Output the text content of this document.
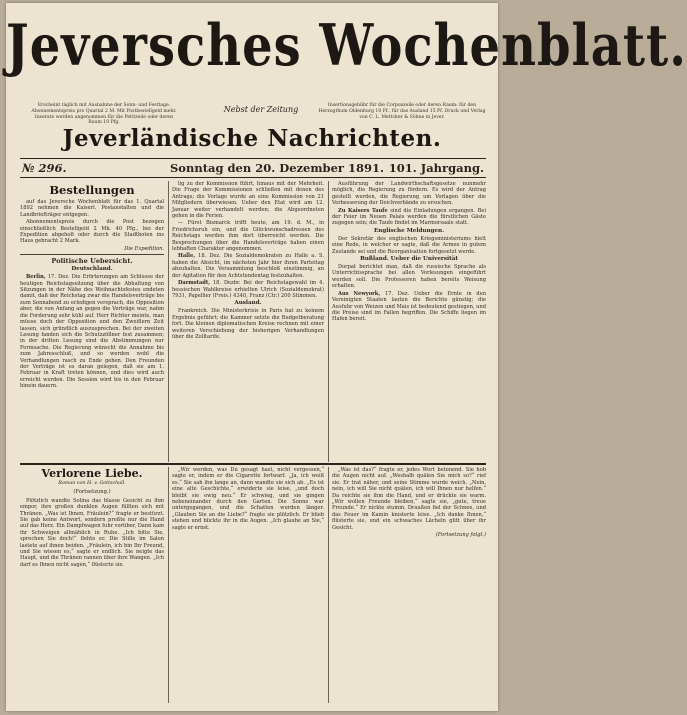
Jeversches Wochenblatt.
Erscheint täglich mit Ausnahme der Sonn- und Festtage. Abonnementspreis pro Quartal 2 M. Mit Postbestellgeld mehr. Inserate werden angenommen für die Petitzeile oder deren Raum 10 Pfg.
Nebst der Zeitung	Insertionsgebühr für die Corpuszeile oder deren Raum: für den Herzogthum Oldenburg 10 Pf., für das Ausland 15 Pf. Druck und Verlag von C. L. Mettcker & Söhne in Jever.
Jeverländische Nachrichten.
№ 296.	Sonntag den 20. Dezember 1891. 101. Jahrgang.
Bestellungen

auf das Jeversche Wochenblatt für das 1. Quartal 1892 nehmen die Kaiserl. Postanstalten und die Landbriefträger entgegen.

Abonnementspreis durch die Post bezogen einschließlich Bestellgeld 2 Mk. 40 Pfg., bei der Expedition abgeholt oder durch die Stadtboten ins Haus gebracht 2 Mark.

Die Expedition.
Politische Uebersicht.
Deutschland.

Berlin, 17. Dez. Die Erörterungen am Schlusse der heutigen Reichstagssitzung über die Abhaltung von Sitzungen in der Nähe des Weihnachtsfestes endeten damit, daß der Reichstag zwar die Handelsverträge bis zum Sonnabend zu erledigen versprach, die Opposition aber, die von Anfang an gegen die Verträge war, nahm die Forderung sehr kühl auf. Herr Richter meinte, man müsse doch der Opposition und den Zweiflern Zeit lassen, sich gründlich auszusprechen. Bei der zweiten Lesung fanden sich die Schutzzöllner fest zusammen; in der dritten Lesung sind die Abstimmungen nur Formsache. Die Regierung wünscht die Annahme bis zum Jahresschluß, und so werden wohl die Verhandlungen rasch zu Ende gehen. Den Freunden der Verträge ist es daran gelegen, daß sie am 1. Februar in Kraft treten können, und dies wird auch erreicht werden. Die Session wird bis in den Februar hinein dauern.

lig zu der Kommission führt, hinaus mit der Mehrheit. Die Frage der Kommissionen schließen mit denen des Antrags; die Vorlage wurde an eine Kommission von 21 Mitgliedern überwiesen. Ueber den Etat wird am 12. Januar weiter verhandelt werden; die Abgeordneten gehen in die Ferien.

— Fürst Bismarck trifft heute, am 19. d. M., in Friedrichsruh ein, und die Glückwunschadressen des Reichstags werden ihm dort überreicht werden. Die Besprechungen über die Handelsverträge haben einen lebhaften Charakter angenommen.

Halle, 18. Dez. Die Sozialdemokraten zu Halle a. S. haben die Absicht, im nächsten Jahr hier ihren Parteitag abzuhalten. Die Versammlung beschloß einstimmig, an der Agitation für den Achtstundentag festzuhalten.

Darmstadt, 18. Dezbr. Bei der Reichstagswahl im 4. hessischen Wahlkreise erhielten Ulrich (Sozialdemokrat) 7931, Papellier (Freis.) 4340, Franz (Ctr.) 200 Stimmen.

Ausland.

Frankreich. Die Ministerkrisis in Paris hat zu keinem Ergebnis geführt; die Kammer setzte die Budgetberatung fort. Die kleinen diplomatischen Kreise rechnen mit einer weiteren Verschiebung der bisherigen Verhandlungen über die Zolltarife.

Ausführung der Landwirthschaftsgesetze nunmehr möglich, die Regierung zu fördern. Es wird der Antrag gestellt werden, die Regierung um Vorlagen über die Verbesserung der Deichverbände zu ersuchen.

Zu Kaisers Taufe sind die Einladungen ergangen. Bei der Feier im Neuen Palais werden die fürstlichen Gäste zugegen sein; die Taufe findet im Marmorsaale statt.

Englische Meldungen.

Der Sekretär des englischen Kriegsministeriums hielt eine Rede, in welcher er sagte, daß die Armee in gutem Zustande sei und die Reorganisation fortgesetzt werde.

Rußland. Ueber die Universität

Dorpat berichtet man, daß die russische Sprache als Unterrichtssprache bei allen Vorlesungen eingeführt werden soll. Die Professoren haben bereits Weisung erhalten.

Aus Newyork, 17. Dez. Ueber die Ernte in den Vereinigten Staaten lauten die Berichte günstig; die Ausfuhr von Weizen und Mais ist bedeutend gestiegen, und die Preise sind im Fallen begriffen. Die Schiffe liegen im Hafen bereit.

Verlorene Liebe.
Roman von H. v. Gottschall.
(Fortsetzung.)

Plötzlich wandte Solina das blasse Gesicht zu ihm empor, ihre großen dunklen Augen füllten sich mit Thränen. „Was ist Ihnen, Fräulein?“ fragte er bestürzt. Sie gab keine Antwort, sondern preßte nur die Hand auf das Herz. Ein Dampfwagen fuhr vorüber, Dann kam ihr Schweigen allmählich in Ruhe. „Ich bitte Sie, sprechen Sie doch!“ flehte er. Die Stille im Salon lastete auf ihnen beiden. „Fräulein, ich bin Ihr Freund, und Sie wissen es,“ sagte er endlich. Sie neigte das Haupt, und die Thränen rannen über ihre Wangen. „Ich darf es Ihnen nicht sagen,“ flüsterte sie.

„Wir werden, was Du gesagt hast, nicht vergessen,“ sagte er, indem er die Cigarette fortwarf. „Ja, ich weiß es.“ Sie sah ihn lange an, dann wandte sie sich ab. „Es ist eine alte Geschichte,“ erwiderte sie leise, „und doch bleibt sie ewig neu.“ Er schwieg, und sie gingen nebeneinander durch den Garten. Die Sonne war untergegangen, und die Schatten wurden länger. „Glauben Sie an die Liebe?“ fragte sie plötzlich. Er blieb stehen und blickte ihr in die Augen. „Ich glaube an Sie,“ sagte er ernst.

„Was ist das?“ fragte er, jedes Wort betonend. Sie hob die Augen nicht auf. „Weshalb quälen Sie mich so?“ rief sie. Er trat näher, und seine Stimme wurde weich. „Nein, nein, ich will Sie nicht quälen, ich will Ihnen nur helfen.“ Da reichte sie ihm die Hand, und er drückte sie warm. „Wir wollen Freunde bleiben,“ sagte sie, „gute, treue Freunde.“ Er nickte stumm. Draußen fiel der Schnee, und das Feuer im Kamin knisterte leise. „Ich danke Ihnen,“ flüsterte sie, und ein schwaches Lächeln glitt über ihr Gesicht.

(Fortsetzung folgt.)
